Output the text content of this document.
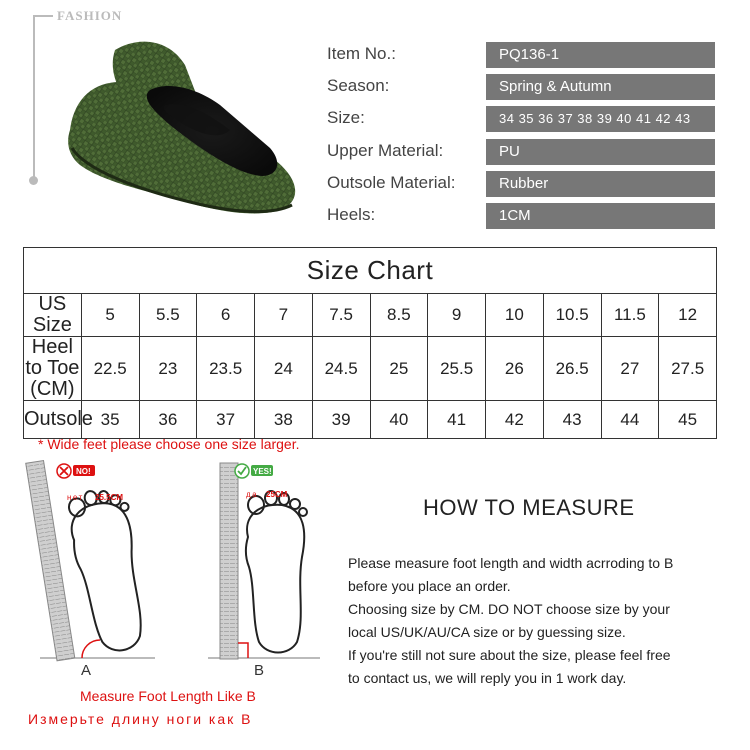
FASHION
Item No.:	PQ136-1
Season:	Spring & Autumn
Size:	34 35 36 37 38 39 40 41 42 43
Upper Material:	PU
Outsole Material:	Rubber
Heels:	1CM
Size Chart											
US Size	5	5.5	6	7	7.5	8.5	9	10	10.5	11.5	12
Heel to Toe
(CM)	22.5	23	23.5	24	24.5	25	25.5	26	26.5	27	27.5
Outsole	35	36	37	38	39	40	41	42	43	44	45
* Wide feet please choose one size larger.
NO!
нет 25.5CM
YES!
да 25CM
A	B
Measure Foot Length Like B
Измерьте длину ноги как В
HOW TO MEASURE
Please measure foot length and width acrroding to B
before you place an order.
Choosing size by CM. DO NOT choose size by your
local US/UK/AU/CA size or by guessing size.
If you're still not sure about the size, please feel free
to contact us, we will reply you in 1 work day.
